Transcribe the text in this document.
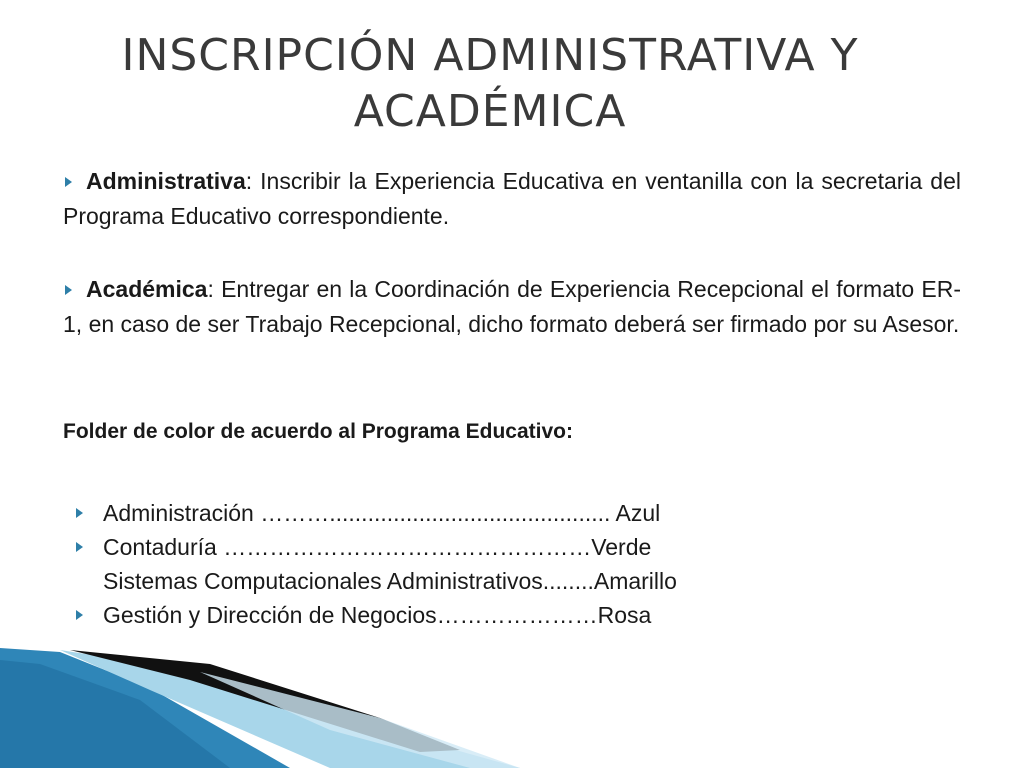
INSCRIPCIÓN ADMINISTRATIVA Y
ACADÉMICA

Administrativa: Inscribir la Experiencia Educativa en ventanilla con la secretaria del Programa Educativo correspondiente.

Académica: Entregar en la Coordinación de Experiencia Recepcional el formato ER-1, en caso de ser Trabajo Recepcional, dicho formato deberá ser firmado por su Asesor.

Folder de color de acuerdo al Programa Educativo:

Administración ………............................................ Azul
Contaduría …………………………………………Verde
Sistemas Computacionales Administrativos........Amarillo
Gestión y Dirección de Negocios…………………Rosa
